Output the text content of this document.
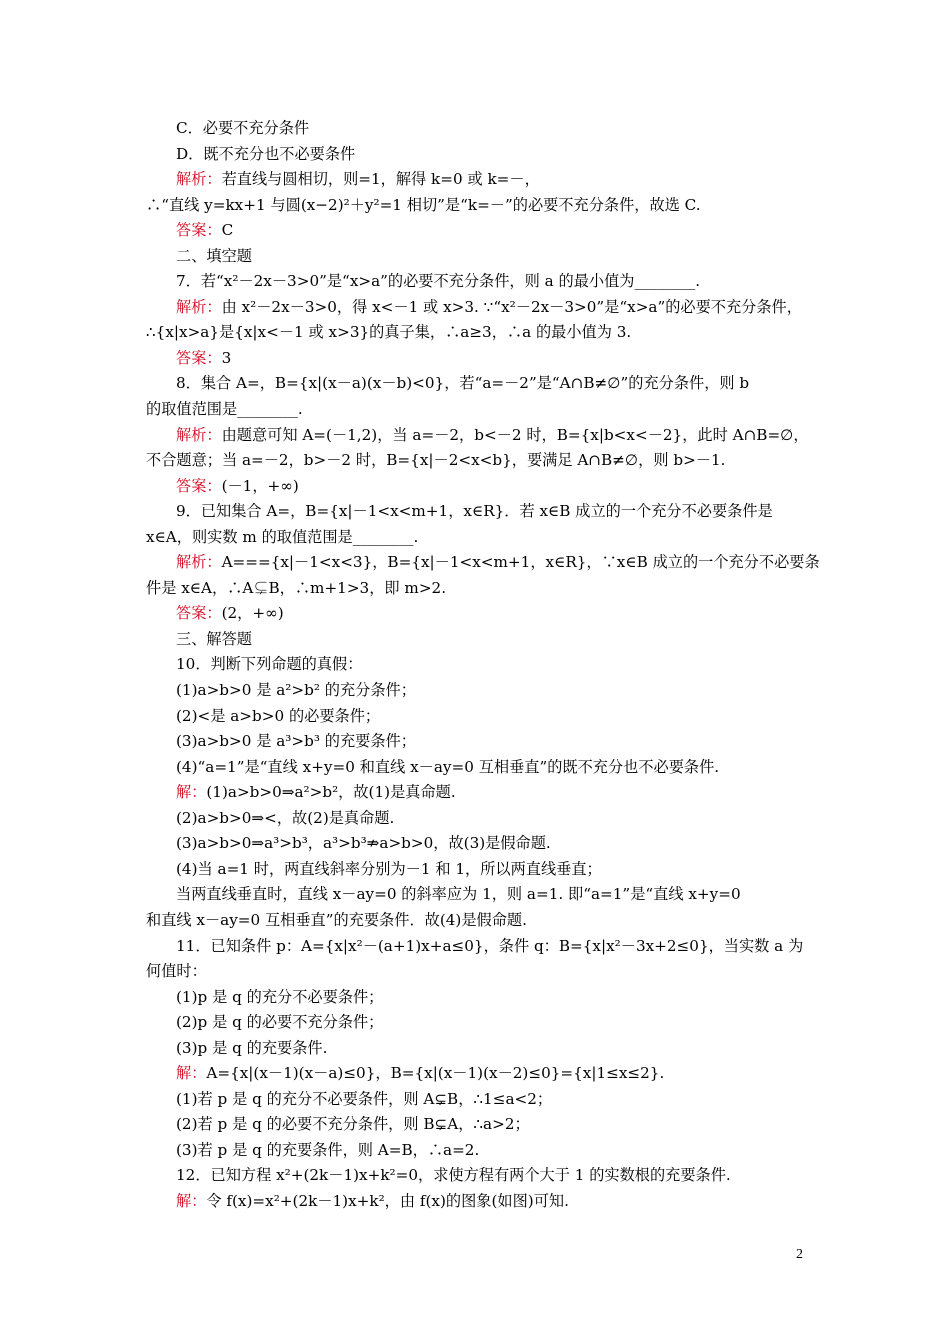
C．必要不充分条件
D．既不充分也不必要条件
解析：若直线与圆相切，则=1，解得 k=0 或 k=－，
∴“直线 y=kx+1 与圆(x−2)²＋y²=1 相切”是“k=－”的必要不充分条件，故选 C.
答案：C
二、填空题
7．若“x²－2x－3>0”是“x>a”的必要不充分条件，则 a 的最小值为________.
解析：由 x²－2x－3>0，得 x<－1 或 x>3. ∵“x²－2x－3>0”是“x>a”的必要不充分条件，
∴{x|x>a}是{x|x<－1 或 x>3}的真子集，∴a≥3，∴a 的最小值为 3.
答案：3
8．集合 A=，B={x|(x－a)(x－b)<0}，若“a=－2”是“A∩B≠∅”的充分条件，则 b
的取值范围是________.
解析：由题意可知 A=(－1,2)，当 a=－2，b<－2 时，B={x|b<x<－2}，此时 A∩B=∅，
不合题意；当 a=－2，b>－2 时，B={x|－2<x<b}，要满足 A∩B≠∅，则 b>－1.
答案：(－1，+∞)
9．已知集合 A=，B={x|－1<x<m+1，x∈R}．若 x∈B 成立的一个充分不必要条件是
x∈A，则实数 m 的取值范围是________.
解析：A==={x|－1<x<3}，B={x|－1<x<m+1，x∈R}，∵x∈B 成立的一个充分不必要条
件是 x∈A，∴A⊊B，∴m+1>3，即 m>2.
答案：(2，+∞)
三、解答题
10．判断下列命题的真假：
(1)a>b>0 是 a²>b² 的充分条件；
(2)<是 a>b>0 的必要条件；
(3)a>b>0 是 a³>b³ 的充要条件；
(4)“a=1”是“直线 x+y=0 和直线 x－ay=0 互相垂直”的既不充分也不必要条件.
解：(1)a>b>0⇒a²>b²，故(1)是真命题.
(2)a>b>0⇒<，故(2)是真命题.
(3)a>b>0⇒a³>b³，a³>b³⇏a>b>0，故(3)是假命题.
(4)当 a=1 时，两直线斜率分别为－1 和 1，所以两直线垂直；
当两直线垂直时，直线 x－ay=0 的斜率应为 1，则 a=1. 即“a=1”是“直线 x+y=0
和直线 x－ay=0 互相垂直”的充要条件．故(4)是假命题.
11．已知条件 p：A={x|x²－(a+1)x+a≤0}，条件 q：B={x|x²－3x+2≤0}，当实数 a 为
何值时：
(1)p 是 q 的充分不必要条件；
(2)p 是 q 的必要不充分条件；
(3)p 是 q 的充要条件.
解：A={x|(x－1)(x－a)≤0}，B={x|(x－1)(x－2)≤0}={x|1≤x≤2}.
(1)若 p 是 q 的充分不必要条件，则 A⊊B，∴1≤a<2；
(2)若 p 是 q 的必要不充分条件，则 B⊊A，∴a>2；
(3)若 p 是 q 的充要条件，则 A=B，∴a=2.
12．已知方程 x²+(2k－1)x+k²=0，求使方程有两个大于 1 的实数根的充要条件.
解：令 f(x)=x²+(2k－1)x+k²，由 f(x)的图象(如图)可知.
2
